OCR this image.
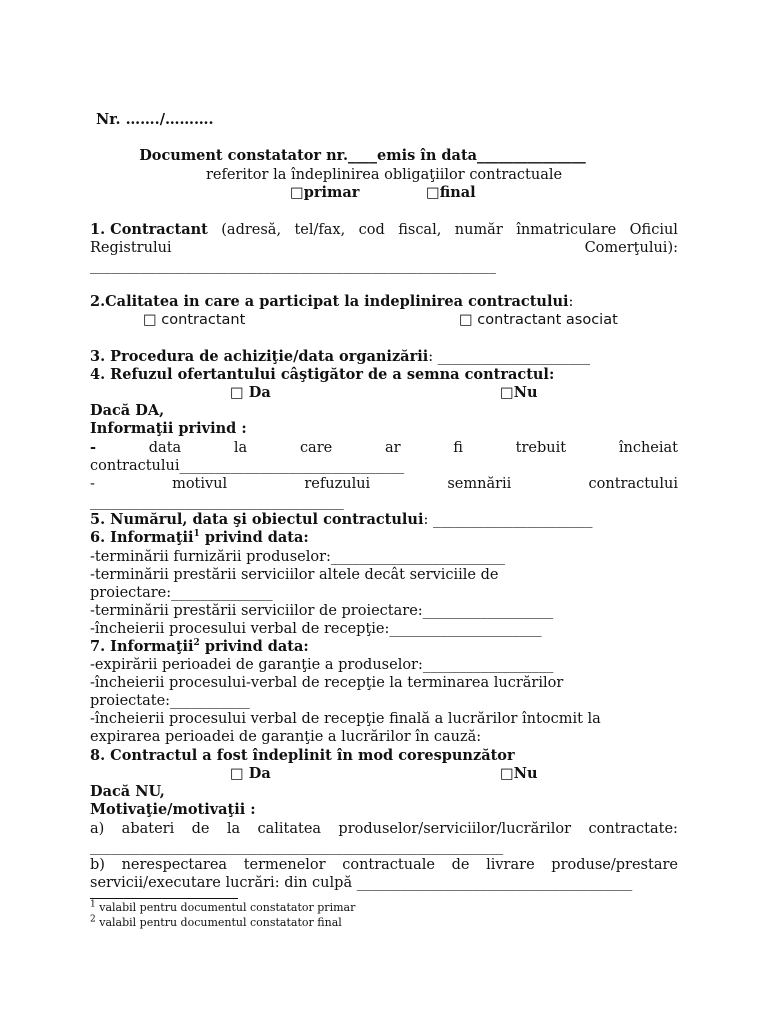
Nr. ……./……….
Document constatator nr.____emis în data_______________
referitor la îndeplinirea obligaţiilor contractuale
□primar	□final
1. Contractant (adresă, tel/fax, cod fiscal, număr înmatriculare Oficiul
Registrului	Comerţului):
________________________________________________________
2.Calitatea in care a participat la indeplinirea contractului:
□ contractant	□ contractant asociat
3. Procedura de achiziţie/data organizării: _____________________
4. Refuzul ofertantului câştigător de a semna contractul:
□ Da	□Nu
Dacă DA,
Informaţii privind :
-	data	la	care	ar	fi	trebuit	încheiat
contractului_______________________________
-	motivul	refuzului	semnării	contractului
___________________________________
5. Numărul, data şi obiectul contractului: ______________________
6. Informaţii$^1$ privind data:
-terminării furnizării produselor:________________________
-terminării prestării serviciilor altele decât serviciile de
proiectare:______________
-terminării prestării serviciilor de proiectare:__________________
-încheierii procesului verbal de recepţie:_____________________
7. Informaţii$^2$ privind data:
-expirării perioadei de garanţie a produselor:__________________
-încheierii procesului-verbal de recepţie la terminarea lucrărilor
proiectate:___________
-încheierii procesului verbal de recepţie finală a lucrărilor întocmit la
expirarea perioadei de garanţie a lucrărilor în cauză:
8. Contractul a fost îndeplinit în mod corespunzător
□ Da	□Nu
Dacă NU,
Motivaţie/motivaţii :
a) abateri de la calitatea produselor/serviciilor/lucrărilor contractate:
_________________________________________________________
b) nerespectarea termenelor contractuale de livrare produse/prestare
servicii/executare lucrări: din culpă ______________________________________
$^1$ valabil pentru documentul constatator primar
$^2$ valabil pentru documentul constatator final
